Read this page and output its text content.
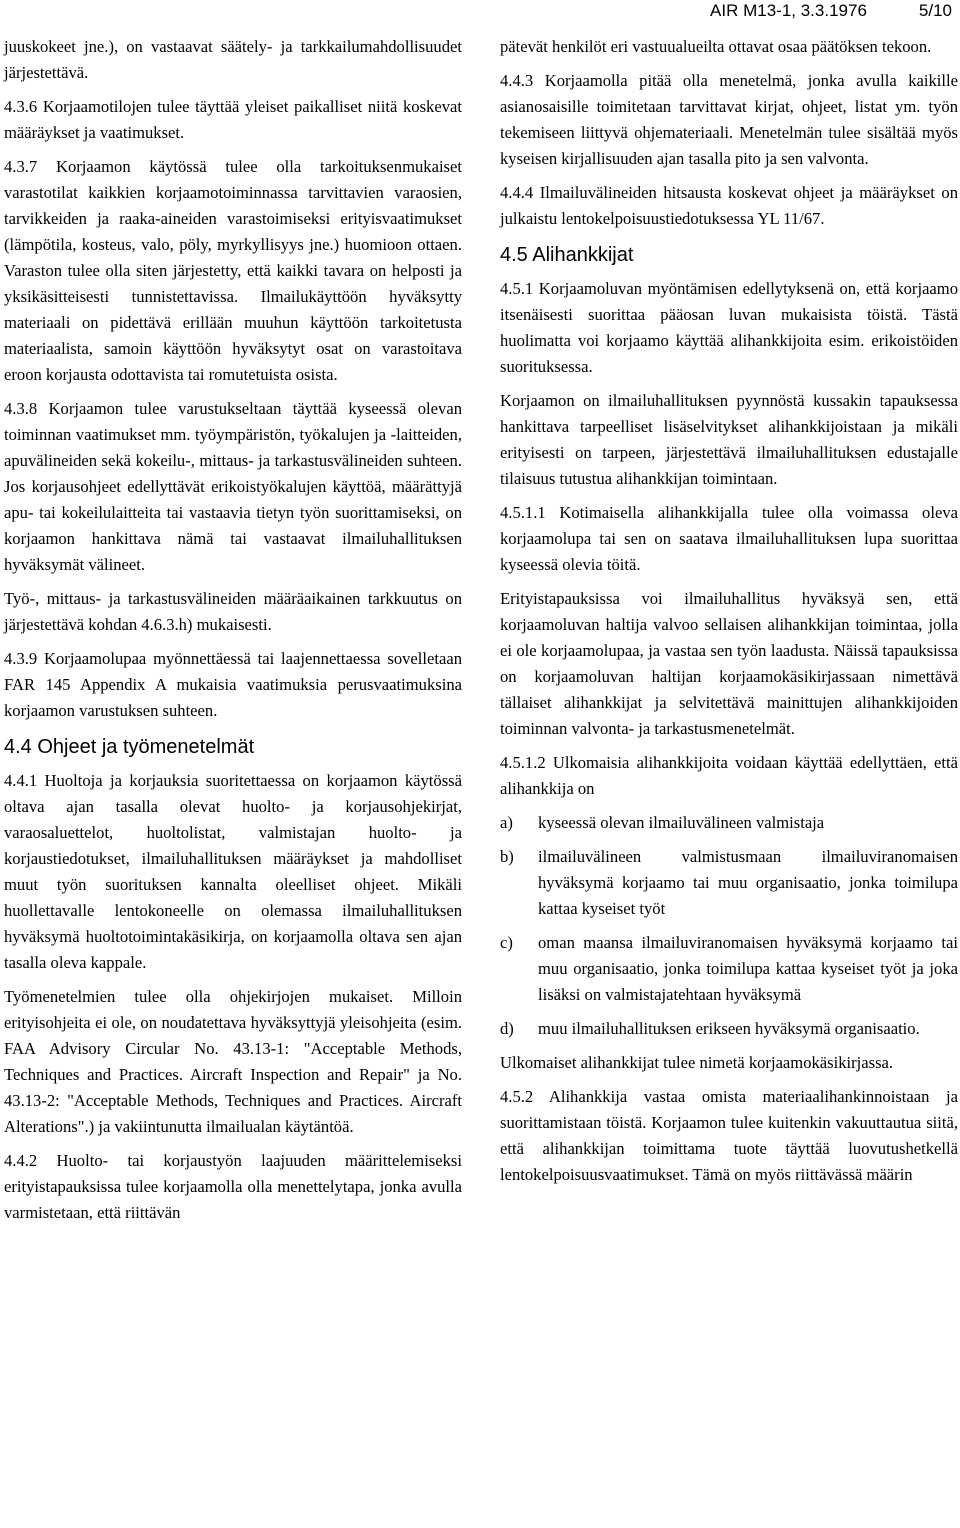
AIR M13-1, 3.3.1976	5/10

juuskokeet jne.), on vastaavat säätely- ja tarkkailumahdollisuudet järjestettävä.

4.3.6 Korjaamotilojen tulee täyttää yleiset paikalliset niitä koskevat määräykset ja vaatimukset.

4.3.7 Korjaamon käytössä tulee olla tarkoituksenmukaiset varastotilat kaikkien korjaamotoiminnassa tarvittavien varaosien, tarvikkeiden ja raaka-aineiden varastoimiseksi erityisvaatimukset (lämpötila, kosteus, valo, pöly, myrkyllisyys jne.) huomioon ottaen. Varaston tulee olla siten järjestetty, että kaikki tavara on helposti ja yksikäsitteisesti tunnistettavissa. Ilmailukäyttöön hyväksytty materiaali on pidettävä erillään muuhun käyttöön tarkoitetusta materiaalista, samoin käyttöön hyväksytyt osat on varastoitava eroon korjausta odottavista tai romutetuista osista.

4.3.8 Korjaamon tulee varustukseltaan täyttää kyseessä olevan toiminnan vaatimukset mm. työympäristön, työkalujen ja -laitteiden, apuvälineiden sekä kokeilu-, mittaus- ja tarkastusvälineiden suhteen. Jos korjausohjeet edellyttävät erikoistyökalujen käyttöä, määrättyjä apu- tai kokeilulaitteita tai vastaavia tietyn työn suorittamiseksi, on korjaamon hankittava nämä tai vastaavat ilmailuhallituksen hyväksymät välineet.

Työ-, mittaus- ja tarkastusvälineiden määräaikainen tarkkuutus on järjestettävä kohdan 4.6.3.h) mukaisesti.

4.3.9 Korjaamolupaa myönnettäessä tai laajennettaessa sovelletaan FAR 145 Appendix A mukaisia vaatimuksia perusvaatimuksina korjaamon varustuksen suhteen.

4.4 Ohjeet ja työmenetelmät

4.4.1 Huoltoja ja korjauksia suoritettaessa on korjaamon käytössä oltava ajan tasalla olevat huolto- ja korjausohjekirjat, varaosaluettelot, huoltolistat, valmistajan huolto- ja korjaustiedotukset, ilmailuhallituksen määräykset ja mahdolliset muut työn suorituksen kannalta oleelliset ohjeet. Mikäli huollettavalle lentokoneelle on olemassa ilmailuhallituksen hyväksymä huoltotoimintakäsikirja, on korjaamolla oltava sen ajan tasalla oleva kappale.

Työmenetelmien tulee olla ohjekirjojen mukaiset. Milloin erityisohjeita ei ole, on noudatettava hyväksyttyjä yleisohjeita (esim. FAA Advisory Circular No. 43.13-1: "Acceptable Methods, Techniques and Practices. Aircraft Inspection and Repair" ja No. 43.13-2: "Acceptable Methods, Techniques and Practices. Aircraft Alterations".) ja vakiintunutta ilmailualan käytäntöä.

4.4.2 Huolto- tai korjaustyön laajuuden määrittelemiseksi erityistapauksissa tulee korjaamolla olla menettelytapa, jonka avulla varmistetaan, että riittävän

pätevät henkilöt eri vastuualueilta ottavat osaa päätöksen tekoon.

4.4.3 Korjaamolla pitää olla menetelmä, jonka avulla kaikille asianosaisille toimitetaan tarvittavat kirjat, ohjeet, listat ym. työn tekemiseen liittyvä ohjemateriaali. Menetelmän tulee sisältää myös kyseisen kirjallisuuden ajan tasalla pito ja sen valvonta.

4.4.4 Ilmailuvälineiden hitsausta koskevat ohjeet ja määräykset on julkaistu lentokelpoisuustiedotuksessa YL 11/67.

4.5 Alihankkijat

4.5.1 Korjaamoluvan myöntämisen edellytyksenä on, että korjaamo itsenäisesti suorittaa pääosan luvan mukaisista töistä. Tästä huolimatta voi korjaamo käyttää alihankkijoita esim. erikoistöiden suorituksessa.

Korjaamon on ilmailuhallituksen pyynnöstä kussakin tapauksessa hankittava tarpeelliset lisäselvitykset alihankkijoistaan ja mikäli erityisesti on tarpeen, järjestettävä ilmailuhallituksen edustajalle tilaisuus tutustua alihankkijan toimintaan.

4.5.1.1 Kotimaisella alihankkijalla tulee olla voimassa oleva korjaamolupa tai sen on saatava ilmailuhallituksen lupa suorittaa kyseessä olevia töitä.

Erityistapauksissa voi ilmailuhallitus hyväksyä sen, että korjaamoluvan haltija valvoo sellaisen alihankkijan toimintaa, jolla ei ole korjaamolupaa, ja vastaa sen työn laadusta. Näissä tapauksissa on korjaamoluvan haltijan korjaamokäsikirjassaan nimettävä tällaiset alihankkijat ja selvitettävä mainittujen alihankkijoiden toiminnan valvonta- ja tarkastusmenetelmät.

4.5.1.2 Ulkomaisia alihankkijoita voidaan käyttää edellyttäen, että alihankkija on

a)	kyseessä olevan ilmailuvälineen valmistaja
b)	ilmailuvälineen valmistusmaan ilmailuviranomaisen hyväksymä korjaamo tai muu organisaatio, jonka toimilupa kattaa kyseiset työt
c)	oman maansa ilmailuviranomaisen hyväksymä korjaamo tai muu organisaatio, jonka toimilupa kattaa kyseiset työt ja joka lisäksi on valmistajatehtaan hyväksymä
d)	muu ilmailuhallituksen erikseen hyväksymä organisaatio.

Ulkomaiset alihankkijat tulee nimetä korjaamokäsikirjassa.

4.5.2 Alihankkija vastaa omista materiaalihankinnoistaan ja suorittamistaan töistä. Korjaamon tulee kuitenkin vakuuttautua siitä, että alihankkijan toimittama tuote täyttää luovutushetkellä lentokelpoisuusvaatimukset. Tämä on myös riittävässä määrin
